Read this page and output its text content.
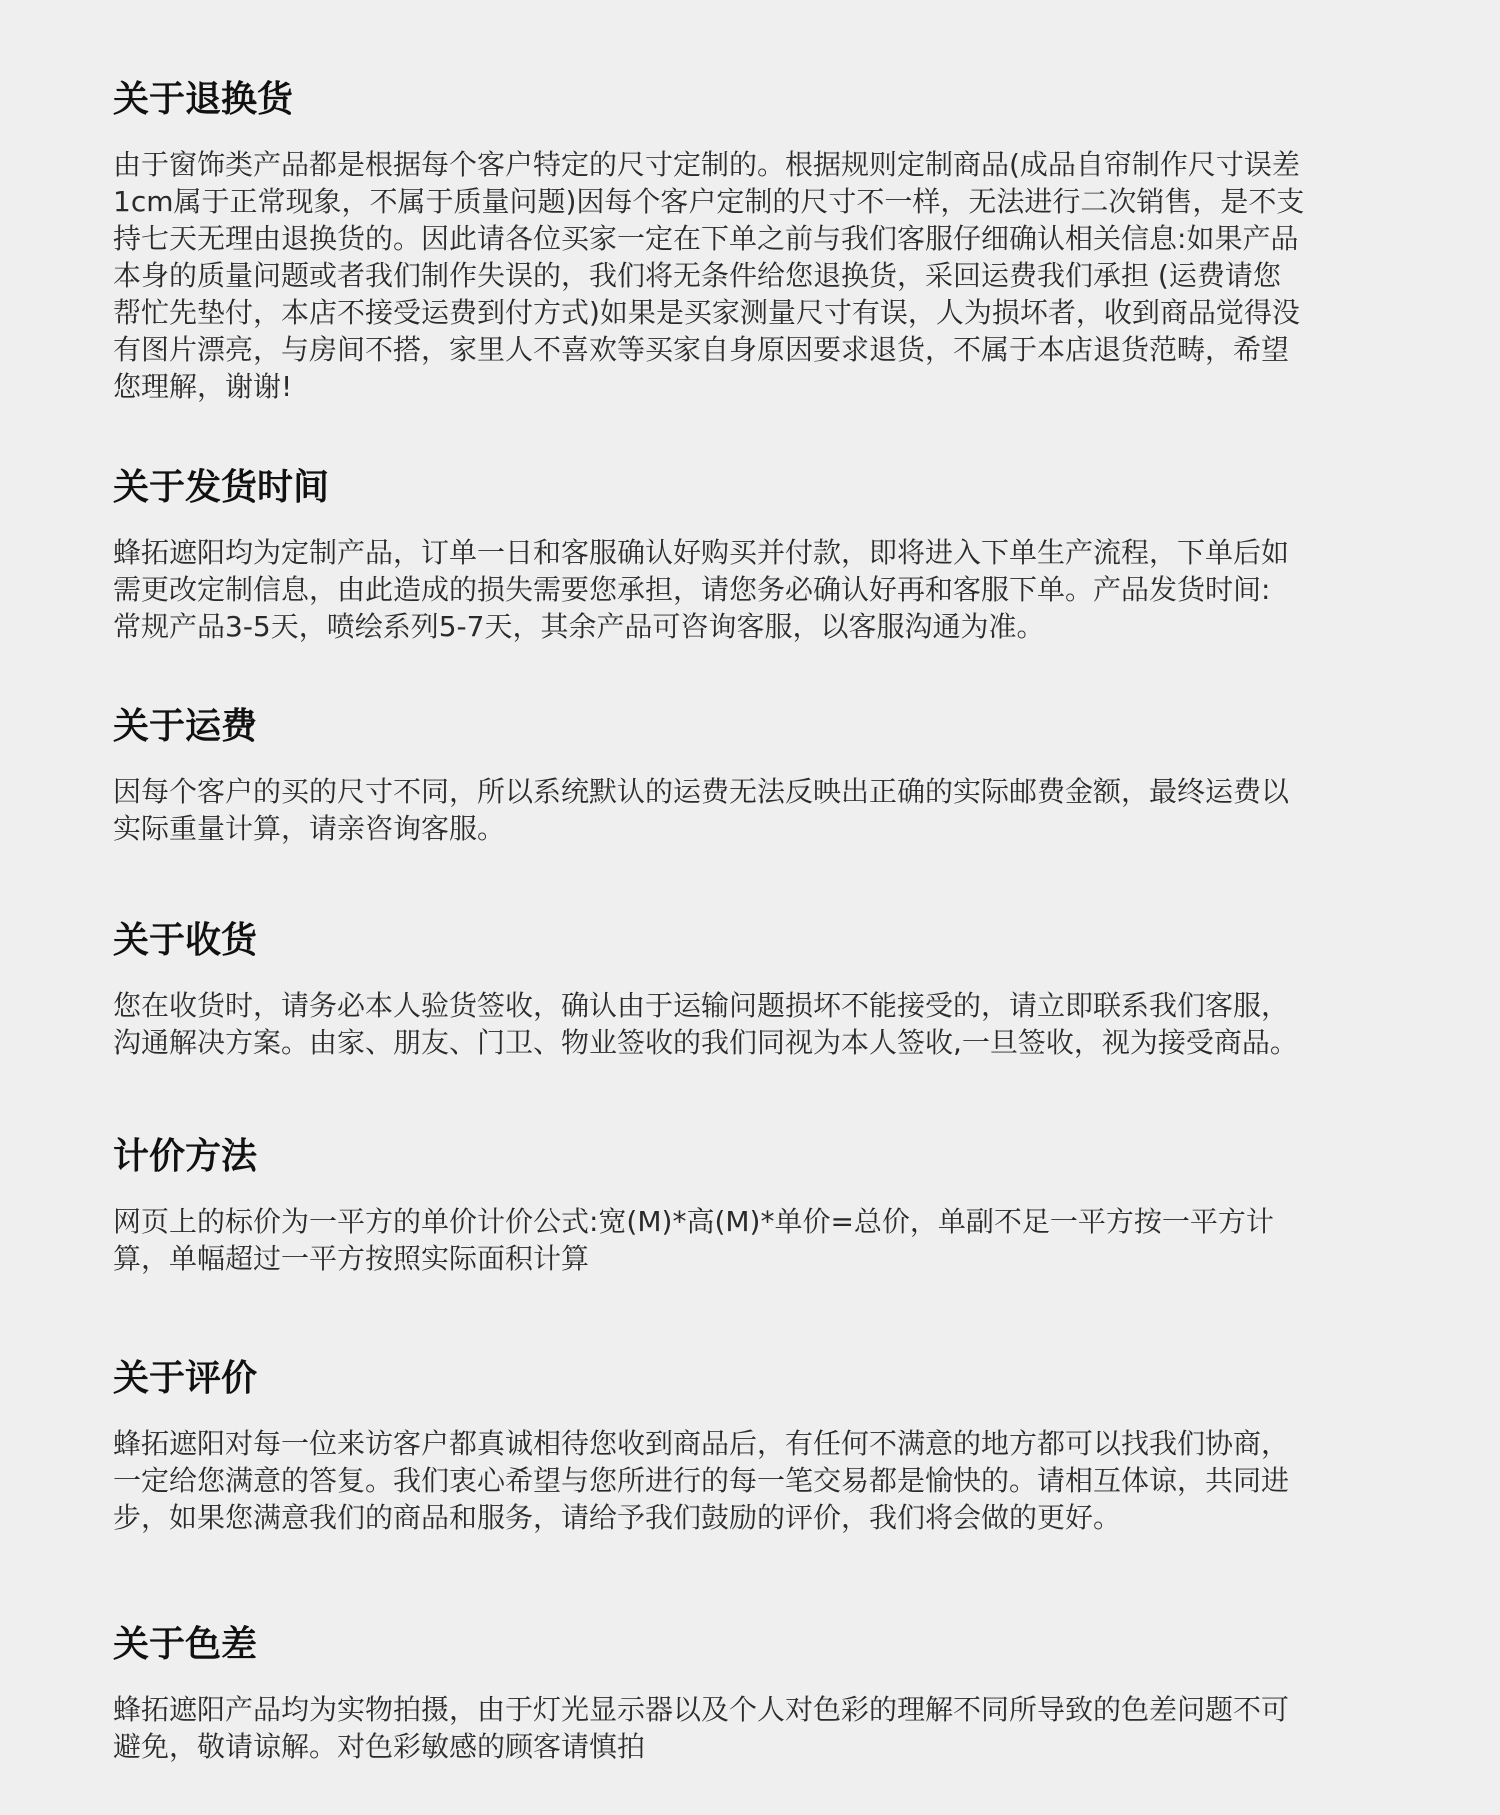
关于退换货
由于窗饰类产品都是根据每个客户特定的尺寸定制的。根据规则定制商品(成品自帘制作尺寸误差
1cm属于正常现象，不属于质量问题)因每个客户定制的尺寸不一样，无法进行二次销售，是不支
持七天无理由退换货的。因此请各位买家一定在下单之前与我们客服仔细确认相关信息:如果产品
本身的质量问题或者我们制作失误的，我们将无条件给您退换货，采回运费我们承担 (运费请您
帮忙先垫付，本店不接受运费到付方式)如果是买家测量尺寸有误，人为损坏者，收到商品觉得没
有图片漂亮，与房间不搭，家里人不喜欢等买家自身原因要求退货，不属于本店退货范畴，希望
您理解，谢谢!
关于发货时间
蜂拓遮阳均为定制产品，订单一日和客服确认好购买并付款，即将进入下单生产流程，下单后如
需更改定制信息，由此造成的损失需要您承担，请您务必确认好再和客服下单。产品发货时间:
常规产品3-5天，喷绘系列5-7天，其余产品可咨询客服，以客服沟通为准。
关于运费
因每个客户的买的尺寸不同，所以系统默认的运费无法反映出正确的实际邮费金额，最终运费以
实际重量计算，请亲咨询客服。
关于收货
您在收货时，请务必本人验货签收，确认由于运输问题损坏不能接受的，请立即联系我们客服，
沟通解决方案。由家、朋友、门卫、物业签收的我们同视为本人签收,一旦签收，视为接受商品。
计价方法
网页上的标价为一平方的单价计价公式:宽(M)*高(M)*单价=总价，单副不足一平方按一平方计
算，单幅超过一平方按照实际面积计算
关于评价
蜂拓遮阳对每一位来访客户都真诚相待您收到商品后，有任何不满意的地方都可以找我们协商，
一定给您满意的答复。我们衷心希望与您所进行的每一笔交易都是愉快的。请相互体谅，共同进
步，如果您满意我们的商品和服务，请给予我们鼓励的评价，我们将会做的更好。
关于色差
蜂拓遮阳产品均为实物拍摄，由于灯光显示器以及个人对色彩的理解不同所导致的色差问题不可
避免，敬请谅解。对色彩敏感的顾客请慎拍
